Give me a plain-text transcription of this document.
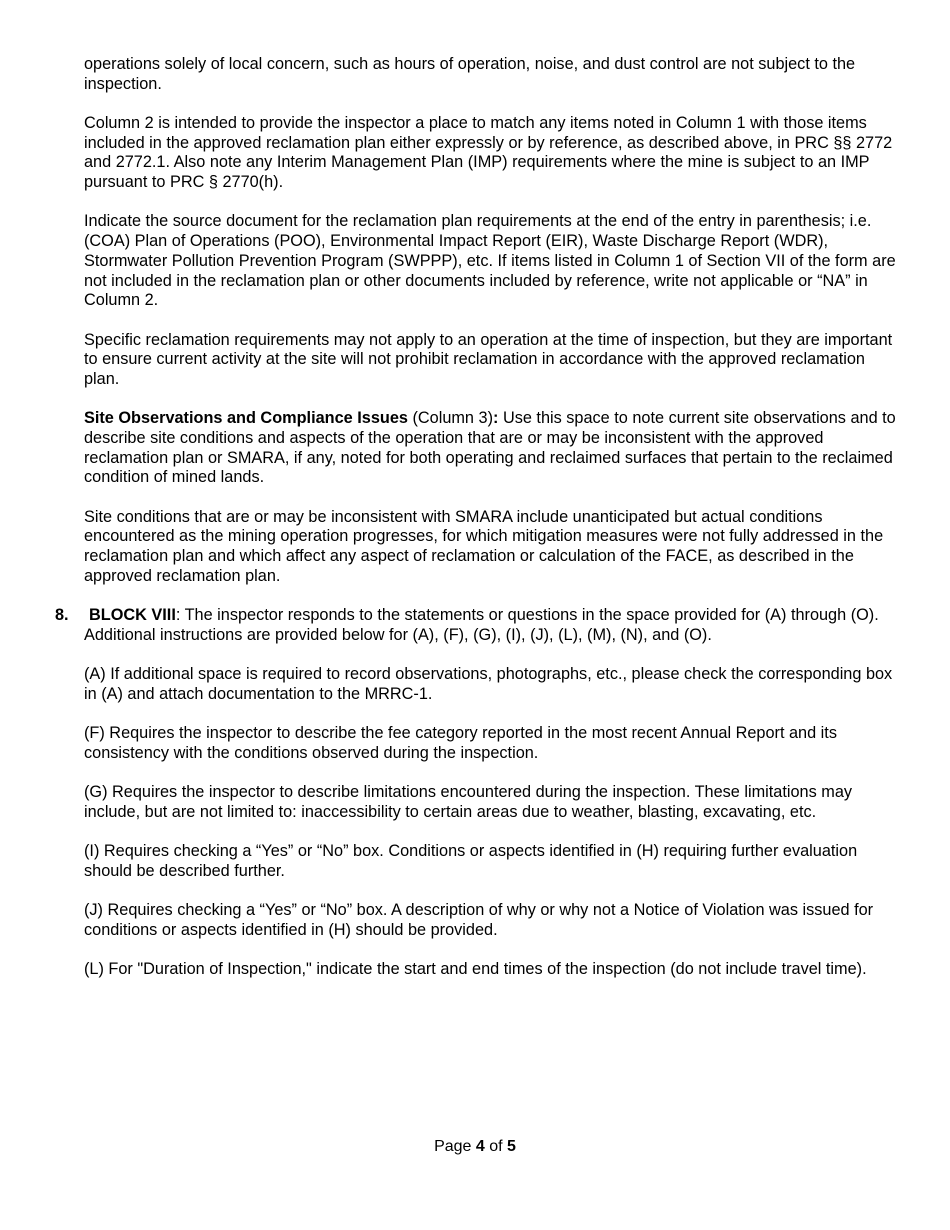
operations solely of local concern, such as hours of operation, noise, and dust control are not subject to the inspection.

Column 2 is intended to provide the inspector a place to match any items noted in Column 1 with those items included in the approved reclamation plan either expressly or by reference, as described above, in PRC §§ 2772 and 2772.1. Also note any Interim Management Plan (IMP) requirements where the mine is subject to an IMP pursuant to PRC § 2770(h).

Indicate the source document for the reclamation plan requirements at the end of the entry in parenthesis; i.e. (COA) Plan of Operations (POO), Environmental Impact Report (EIR), Waste Discharge Report (WDR), Stormwater Pollution Prevention Program (SWPPP), etc. If items listed in Column 1 of Section VII of the form are not included in the reclamation plan or other documents included by reference, write not applicable or “NA” in Column 2.

Specific reclamation requirements may not apply to an operation at the time of inspection, but they are important to ensure current activity at the site will not prohibit reclamation in accordance with the approved reclamation plan.

Site Observations and Compliance Issues (Column 3): Use this space to note current site observations and to describe site conditions and aspects of the operation that are or may be inconsistent with the approved reclamation plan or SMARA, if any, noted for both operating and reclaimed surfaces that pertain to the reclaimed condition of mined lands.

Site conditions that are or may be inconsistent with SMARA include unanticipated but actual conditions encountered as the mining operation progresses, for which mitigation measures were not fully addressed in the reclamation plan and which affect any aspect of reclamation or calculation of the FACE, as described in the approved reclamation plan.

8.	BLOCK VIII: The inspector responds to the statements or questions in the space provided for (A) through (O). Additional instructions are provided below for (A), (F), (G), (I), (J), (L), (M), (N), and (O).

(A) If additional space is required to record observations, photographs, etc., please check the corresponding box in (A) and attach documentation to the MRRC-1.

(F) Requires the inspector to describe the fee category reported in the most recent Annual Report and its consistency with the conditions observed during the inspection.

(G) Requires the inspector to describe limitations encountered during the inspection. These limitations may include, but are not limited to: inaccessibility to certain areas due to weather, blasting, excavating, etc.

(I) Requires checking a “Yes” or “No” box. Conditions or aspects identified in (H) requiring further evaluation should be described further.

(J) Requires checking a “Yes” or “No” box. A description of why or why not a Notice of Violation was issued for conditions or aspects identified in (H) should be provided.

(L) For "Duration of Inspection," indicate the start and end times of the inspection (do not include travel time).

Page 4 of 5
